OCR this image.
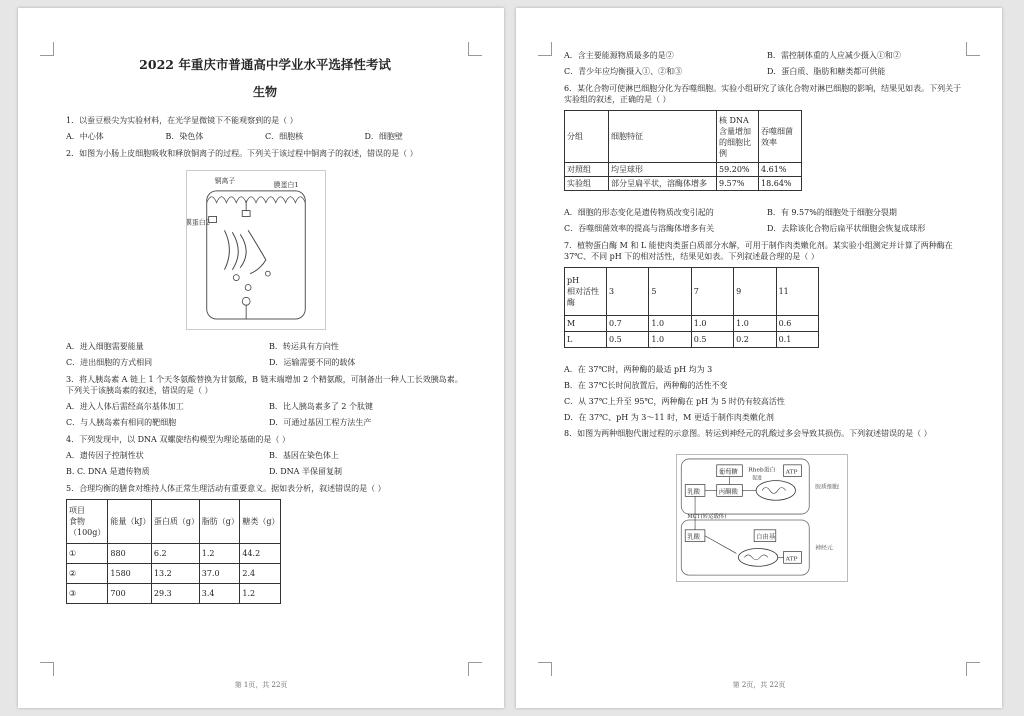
2022 年重庆市普通高中学业水平选择性考试
生物

1．以蚕豆根尖为实验材料，在光学显微镜下不能观察到的是（ ）

A．中心体	B．染色体	C．细胞核	D．细胞壁

2．如图为小肠上皮细胞吸收和释放铜离子的过程。下列关于该过程中铜离子的叙述，错误的是（ ）

铜离子	膜蛋白1
膜蛋白2
A．进入细胞需要能量	B．转运具有方向性
C．进出细胞的方式相同	D．运输需要不同的载体

3．将人胰岛素 A 链上 1 个天冬氨酸替换为甘氨酸，B 链末端增加 2 个精氨酸，可制备出一种人工长效胰岛素。下列关于该胰岛素的叙述，错误的是（ ）

A．进入人体后需经高尔基体加工	B．比人胰岛素多了 2 个肽键
C．与人胰岛素有相同的靶细胞	D．可通过基因工程方法生产

4．下列发现中，以 DNA 双螺旋结构模型为理论基础的是（ ）

A．遗传因子控制性状	B．基因在染色体上
B. C. DNA 是遗传物质	D. DNA 半保留复制

5．合理均衡的膳食对维持人体正常生理活动有重要意义。据如表分析，叙述错误的是（ ）

项目
食物
（100g）	能量（kJ）	蛋白质（g）	脂肪（g）	糖类（g）
①	880	6.2	1.2	44.2
②	1580	13.2	37.0	2.4
③	700	29.3	3.4	1.2
第 1页，共 22页
A．含主要能源物质最多的是②	B．需控制体重的人应减少摄入①和②
C．青少年应均衡摄入①、②和③	D．蛋白质、脂肪和糖类都可供能

6．某化合物可使淋巴细胞分化为吞噬细胞。实验小组研究了该化合物对淋巴细胞的影响，结果见如表。下列关于实验组的叙述，正确的是（ ）

分组	细胞特征	核 DNA 含量增加的细胞比例	吞噬细菌效率
对照组	均呈球形	59.20%	4.61%
实验组	部分呈扁平状，溶酶体增多	9.57%	18.64%
A．细胞的形态变化是遗传物质改变引起的	B．有 9.57%的细胞处于细胞分裂期
C．吞噬细菌效率的提高与溶酶体增多有关	D．去除该化合物后扁平状细胞会恢复成球形

7．植物蛋白酶 M 和 L 能使肉类蛋白质部分水解，可用于制作肉类嫩化剂。某实验小组测定并计算了两种酶在 37℃、不同 pH 下的相对活性，结果见如表。下列叙述最合理的是（ ）

pH
相对活性
酶	3	5	7	9	11
M	0.7	1.0	1.0	1.0	0.6
L	0.5	1.0	0.5	0.2	0.1

A．在 37℃时，两种酶的最适 pH 均为 3

B．在 37℃长时间放置后，两种酶的活性不变

C．从 37℃上升至 95℃，两种酶在 pH 为 5 时仍有较高活性

D．在 37℃、pH 为 3～11 时，M 更适于制作肉类嫩化剂

8．如图为两种细胞代谢过程的示意图。转运到神经元的乳酸过多会导致其损伤。下列叙述错误的是（ ）

葡萄糖 Rheb蛋白
促进
ATP
乳酸	丙酮酸	胶质细胞
MCT(转运载体)
乳酸	自由基
ATP
神经元
第 2页，共 22页
